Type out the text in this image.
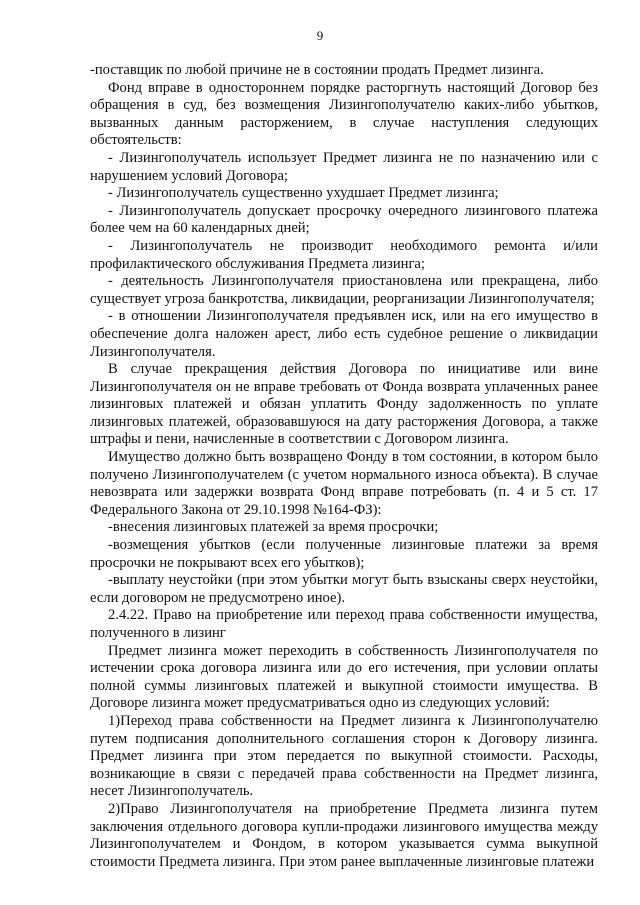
9

-поставщик по любой причине не в состоянии продать Предмет лизинга.

Фонд вправе в одностороннем порядке расторгнуть настоящий Договор без обращения в суд, без возмещения Лизингополучателю каких-либо убытков, вызванных данным расторжением, в случае наступления следующих обстоятельств:

- Лизингополучатель использует Предмет лизинга не по назначению или с нарушением условий Договора;

- Лизингополучатель существенно ухудшает Предмет лизинга;

- Лизингополучатель допускает просрочку очередного лизингового платежа более чем на 60 календарных дней;

- Лизингополучатель не производит необходимого ремонта и/или профилактического обслуживания Предмета лизинга;

- деятельность Лизингополучателя приостановлена или прекращена, либо существует угроза банкротства, ликвидации, реорганизации Лизингополучателя;

- в отношении Лизингополучателя предъявлен иск, или на его имущество в обеспечение долга наложен арест, либо есть судебное решение о ликвидации Лизингополучателя.

В случае прекращения действия Договора по инициативе или вине Лизингополучателя он не вправе требовать от Фонда возврата уплаченных ранее лизинговых платежей и обязан уплатить Фонду задолженность по уплате лизинговых платежей, образовавшуюся на дату расторжения Договора, а также штрафы и пени, начисленные в соответствии с Договором лизинга.

Имущество должно быть возвращено Фонду в том состоянии, в котором было получено Лизингополучателем (с учетом нормального износа объекта). В случае невозврата или задержки возврата Фонд вправе потребовать (п. 4 и 5 ст. 17 Федерального Закона от 29.10.1998 №164-ФЗ):

-внесения лизинговых платежей за время просрочки;

-возмещения убытков (если полученные лизинговые платежи за время просрочки не покрывают всех его убытков);

-выплату неустойки (при этом убытки могут быть взысканы сверх неустойки, если договором не предусмотрено иное).

2.4.22. Право на приобретение или переход права собственности имущества, полученного в лизинг

Предмет лизинга может переходить в собственность Лизингополучателя по истечении срока договора лизинга или до его истечения, при условии оплаты полной суммы лизинговых платежей и выкупной стоимости имущества. В Договоре лизинга может предусматриваться одно из следующих условий:

1)Переход права собственности на Предмет лизинга к Лизингополучателю путем подписания дополнительного соглашения сторон к Договору лизинга. Предмет лизинга при этом передается по выкупной стоимости. Расходы, возникающие в связи с передачей права собственности на Предмет лизинга, несет Лизингополучатель.

2)Право Лизингополучателя на приобретение Предмета лизинга путем заключения отдельного договора купли-продажи лизингового имущества между Лизингополучателем и Фондом, в котором указывается сумма выкупной стоимости Предмета лизинга. При этом ранее выплаченные лизинговые платежи
